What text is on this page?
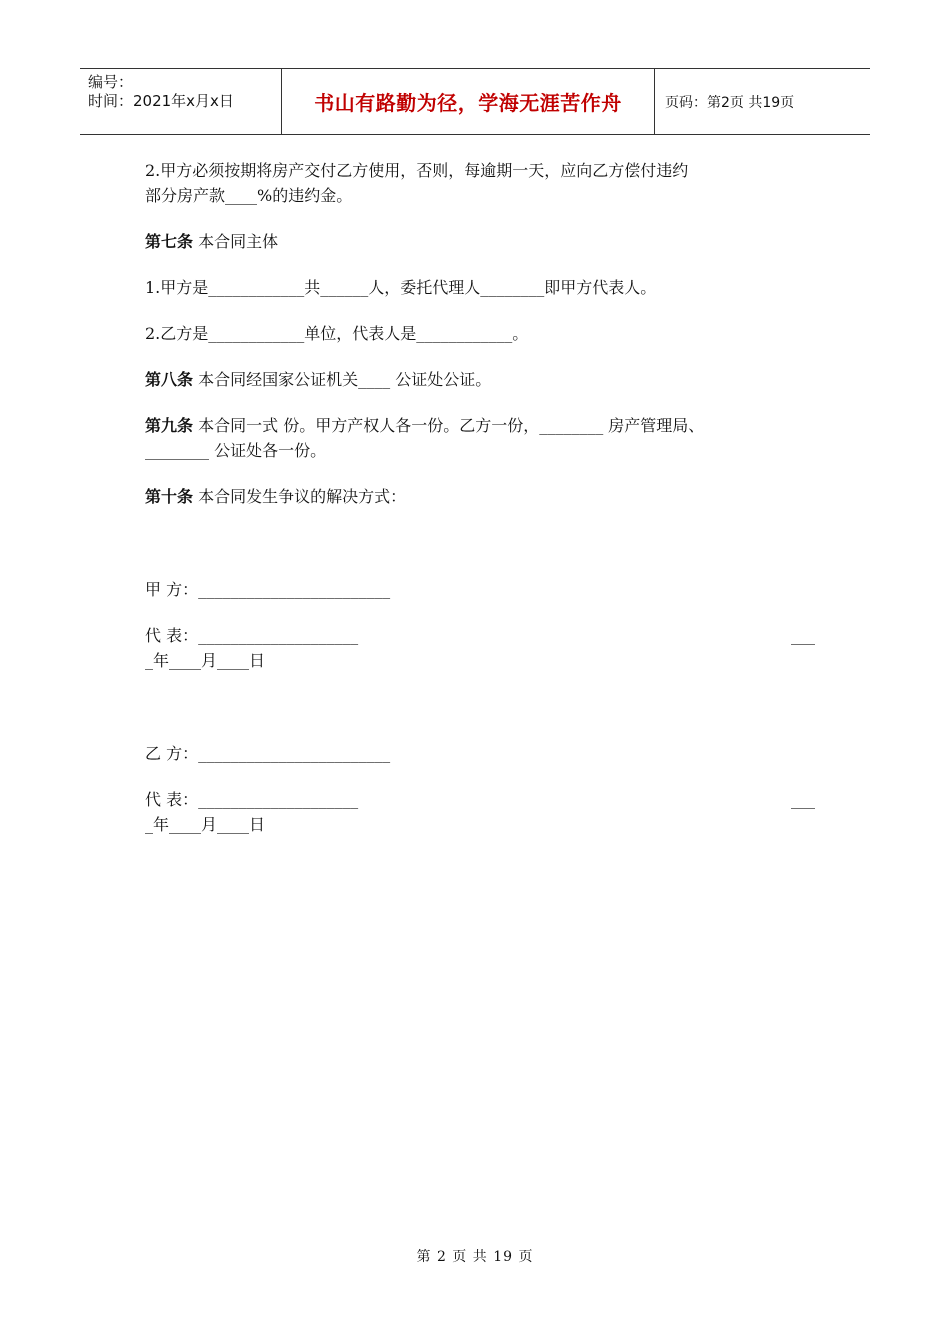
编号：
时间：2021年x月x日	书山有路勤为径，学海无涯苦作舟	页码：第2页 共19页

2.甲方必须按期将房产交付乙方使用，否则，每逾期一天，应向乙方偿付违约

部分房产款____%的违约金。

第七条 本合同主体

1.甲方是____________共______人，委托代理人________即甲方代表人。

2.乙方是____________单位，代表人是____________。

第八条 本合同经国家公证机关____ 公证处公证。

第九条 本合同一式 份。甲方产权人各一份。乙方一份，________ 房产管理局、

________ 公证处各一份。

第十条 本合同发生争议的解决方式：

甲 方：________________________

代 表：____________________	___

_年____月____日

乙 方：________________________

代 表：____________________	___

_年____月____日

第 2 页 共 19 页
